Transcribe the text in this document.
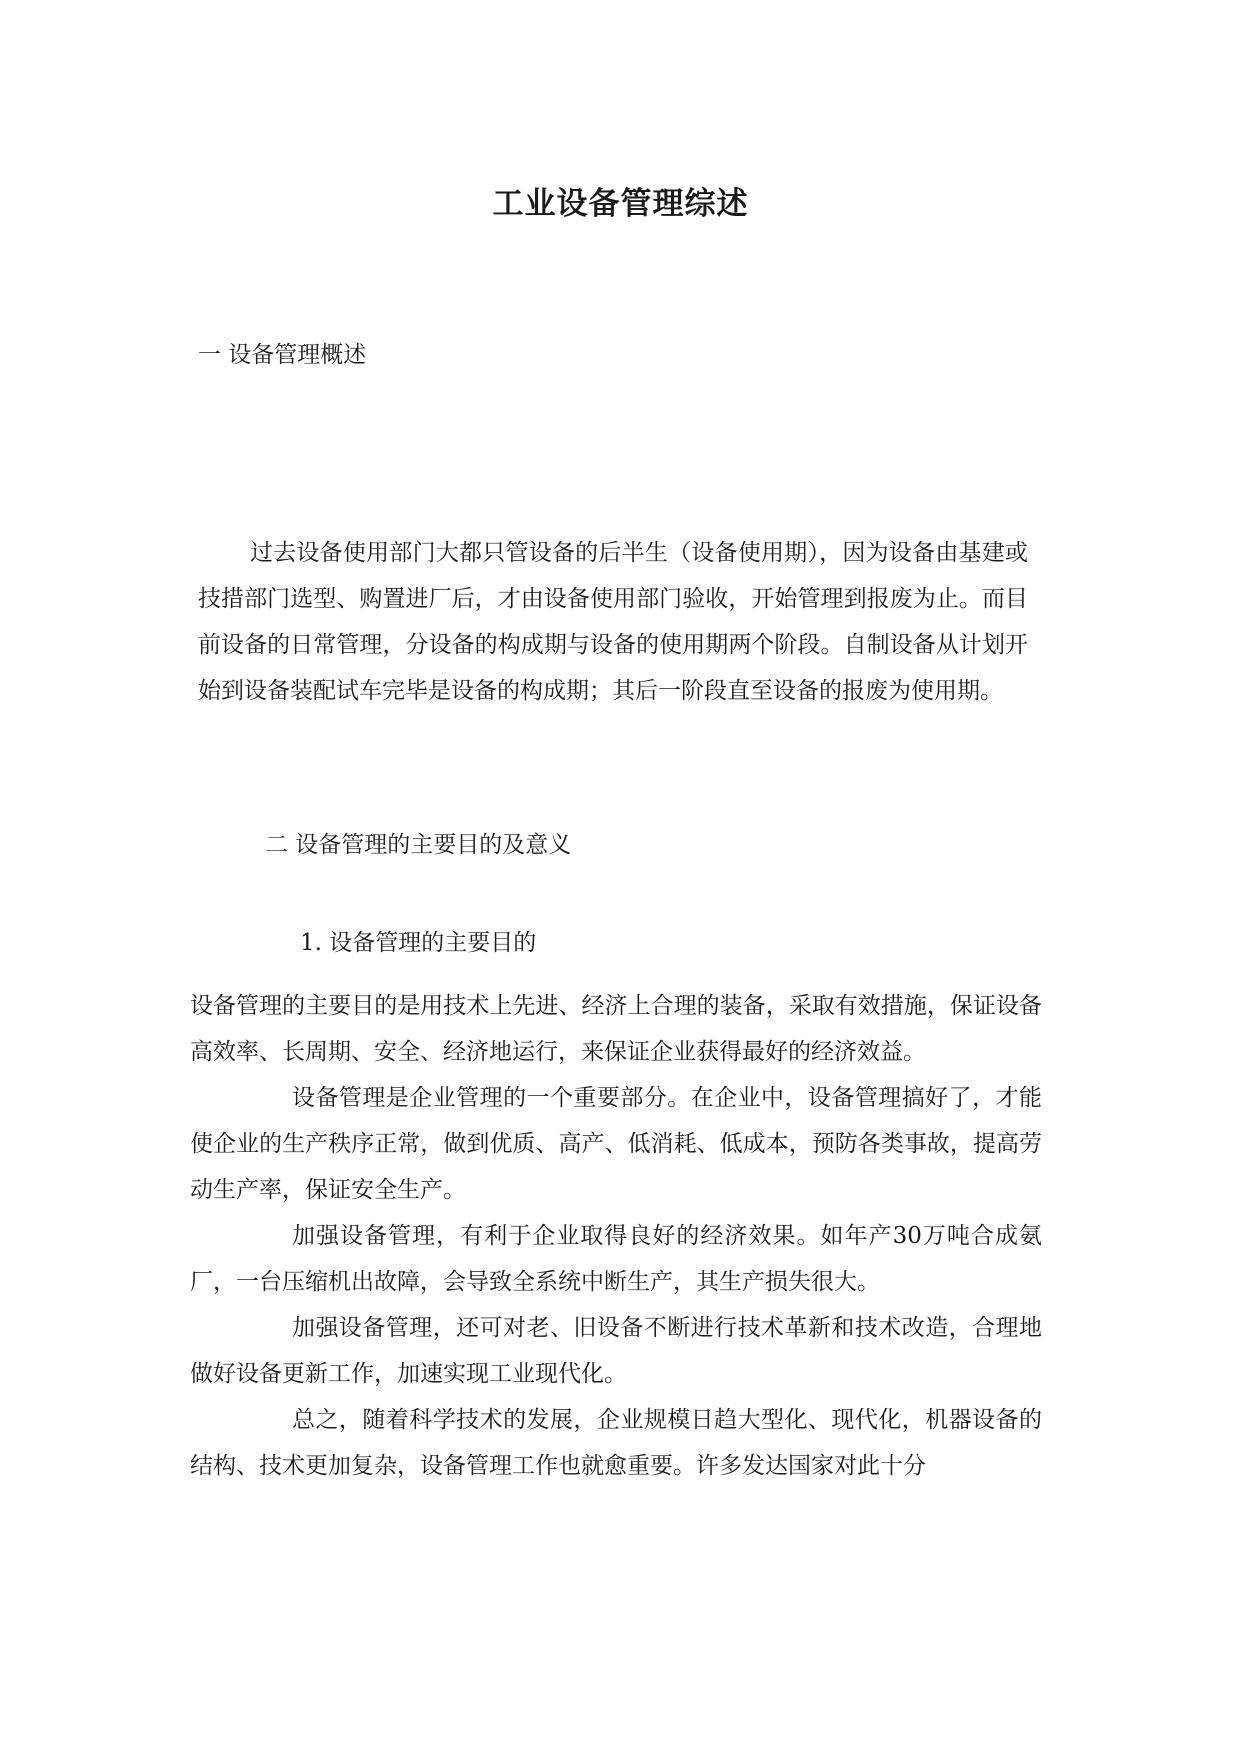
工业设备管理综述
一 设备管理概述
过去设备使用部门大都只管设备的后半生（设备使用期），因为设备由基建或技措部门选型、购置进厂后，才由设备使用部门验收，开始管理到报废为止。而目前设备的日常管理，分设备的构成期与设备的使用期两个阶段。自制设备从计划开始到设备装配试车完毕是设备的构成期；其后一阶段直至设备的报废为使用期。
二 设备管理的主要目的及意义
1. 设备管理的主要目的

设备管理的主要目的是用技术上先进、经济上合理的装备，采取有效措施，保证设备高效率、长周期、安全、经济地运行，来保证企业获得最好的经济效益。

设备管理是企业管理的一个重要部分。在企业中，设备管理搞好了，才能使企业的生产秩序正常，做到优质、高产、低消耗、低成本，预防各类事故，提高劳动生产率，保证安全生产。

加强设备管理，有利于企业取得良好的经济效果。如年产30万吨合成氨厂，一台压缩机出故障，会导致全系统中断生产，其生产损失很大。

加强设备管理，还可对老、旧设备不断进行技术革新和技术改造，合理地做好设备更新工作，加速实现工业现代化。

总之，随着科学技术的发展，企业规模日趋大型化、现代化，机器设备的结构、技术更加复杂，设备管理工作也就愈重要。许多发达国家对此十分
